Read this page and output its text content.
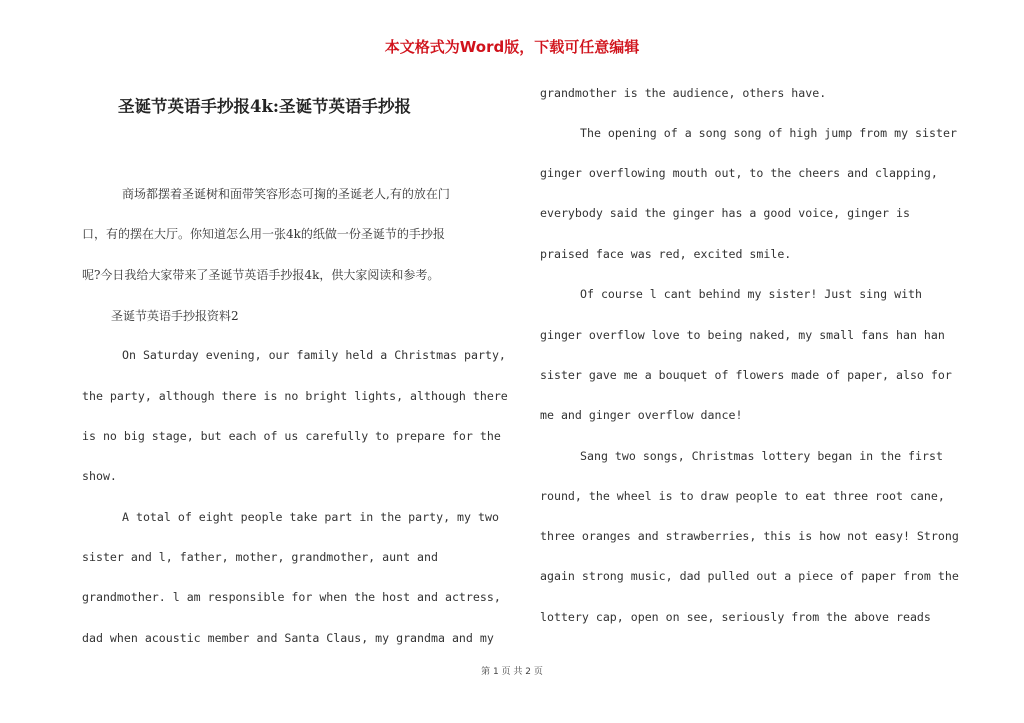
本文格式为Word版，下载可任意编辑
圣诞节英语手抄报4k:圣诞节英语手抄报
商场都摆着圣诞树和面带笑容形态可掬的圣诞老人,有的放在门
口，有的摆在大厅。你知道怎么用一张4k的纸做一份圣诞节的手抄报
呢?今日我给大家带来了圣诞节英语手抄报4k，供大家阅读和参考。
圣诞节英语手抄报资料2
On Saturday evening, our family held a Christmas party,
the party, although there is no bright lights, although there
is no big stage, but each of us carefully to prepare for the
show.
A total of eight people take part in the party, my two
sister and l, father, mother, grandmother, aunt and
grandmother. l am responsible for when the host and actress,
dad when acoustic member and Santa Claus, my grandma and my
grandmother is the audience, others have.
The opening of a song song of high jump from my sister
ginger overflowing mouth out, to the cheers and clapping,
everybody said the ginger has a good voice, ginger is
praised face was red, excited smile.
Of course l cant behind my sister! Just sing with
ginger overflow love to being naked, my small fans han han
sister gave me a bouquet of flowers made of paper, also for
me and ginger overflow dance!
Sang two songs, Christmas lottery began in the first
round, the wheel is to draw people to eat three root cane,
three oranges and strawberries, this is how not easy! Strong
again strong music, dad pulled out a piece of paper from the
lottery cap, open on see, seriously from the above reads
第 1 页 共 2 页
